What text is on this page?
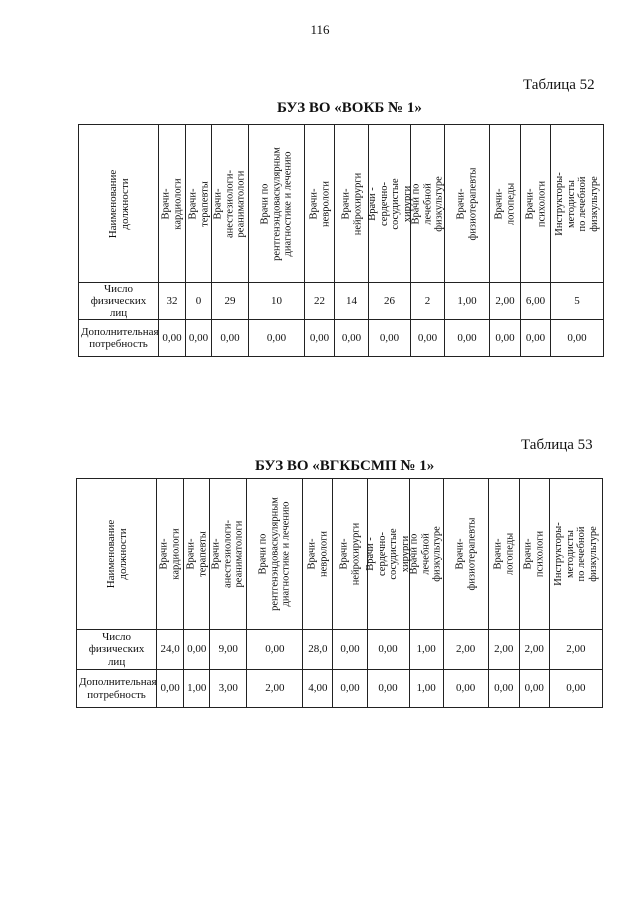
116
Таблица 52
БУЗ ВО «ВОКБ № 1»
Наименование должности	Врачи-кардиологи	Врачи-терапевты	Врачи-анестезиологи-
реаниматологи	Врачи по
рентгенэндоваскулярным
диагностике и лечению	Врачи-неврологи	Врачи-нейрохирурги	Врачи - сердечно-
сосудистые хирурги	Врачи по лечебной
физкультуре	Врачи-физиотерапевты	Врачи-логопеды	Врачи-психологи	Инструкторы-методисты
по лечебной физкультуре

Число
физических лиц	32	0	29	10	22	14	26	2	1,00	2,00	6,00	5
Дополнительная
потребность	0,00	0,00	0,00	0,00	0,00	0,00	0,00	0,00	0,00	0,00	0,00	0,00
Таблица 53
БУЗ ВО «ВГКБСМП № 1»
Наименование должности	Врачи-кардиологи	Врачи-терапевты	Врачи-анестезиологи-
реаниматологи	Врачи по
рентгенэндоваскулярным
диагностике и лечению	Врачи-неврологи	Врачи-нейрохирурги	Врачи - сердечно-
сосудистые хирурги	Врачи по лечебной
физкультуре	Врачи-физиотерапевты	Врачи-логопеды	Врачи-психологи	Инструкторы-методисты
по лечебной физкультуре

Число
физических лиц	24,0	0,00	9,00	0,00	28,0	0,00	0,00	1,00	2,00	2,00	2,00	2,00
Дополнительная
потребность	0,00	1,00	3,00	2,00	4,00	0,00	0,00	1,00	0,00	0,00	0,00	0,00
